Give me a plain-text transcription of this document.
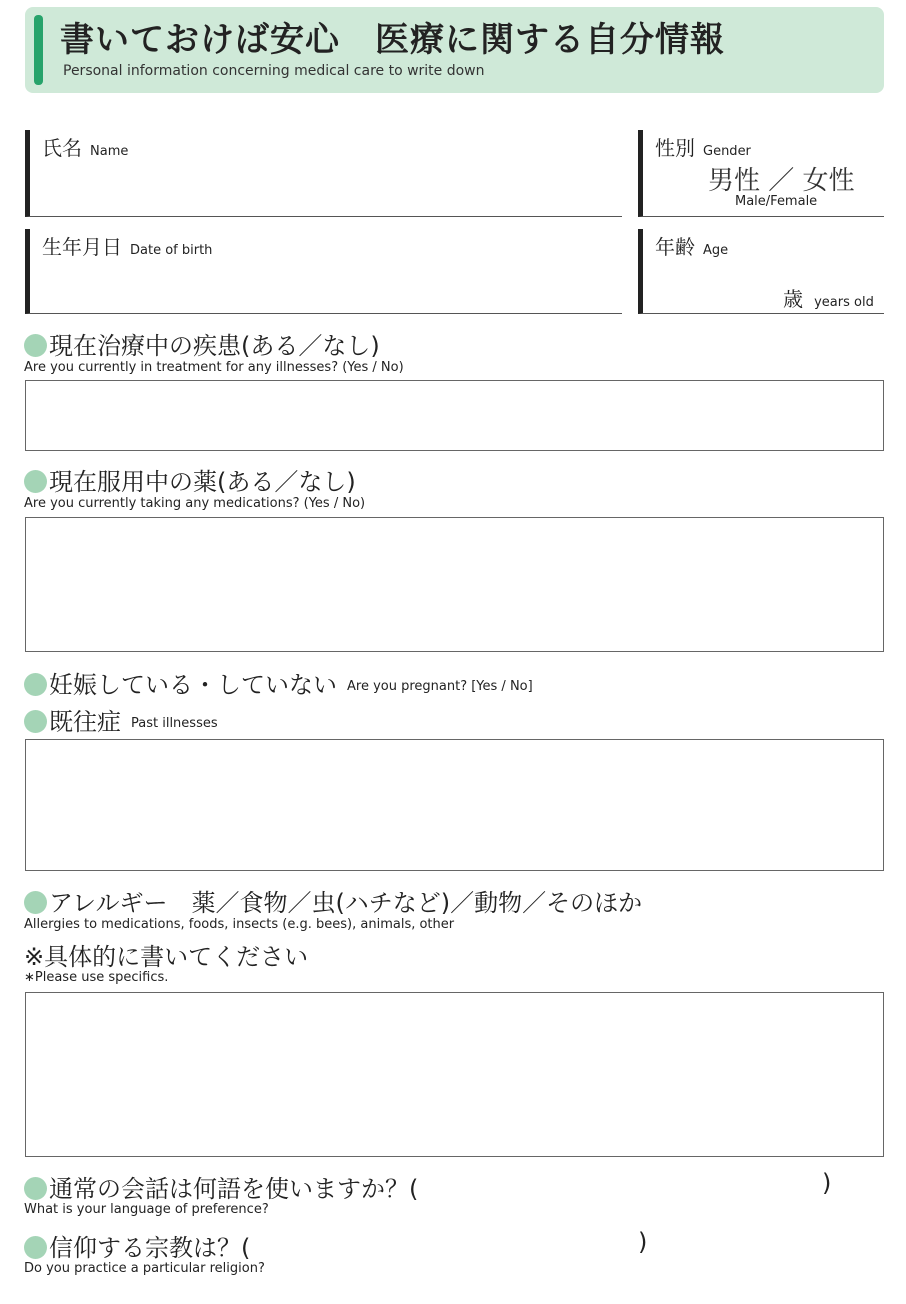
書いておけば安心　医療に関する自分情報
Personal information concerning medical care to write down
氏名 Name	性別 Gender
男性 ／ 女性
Male/Female
生年月日 Date of birth	年齢 Age
歳 years old
現在治療中の疾患(ある／なし)
Are you currently in treatment for any illnesses? (Yes / No)
現在服用中の薬(ある／なし)
Are you currently taking any medications? (Yes / No)
妊娠している・していない Are you pregnant? [Yes / No]
既往症 Past illnesses
アレルギー　薬／食物／虫(ハチなど)／動物／そのほか
Allergies to medications, foods, insects (e.g. bees), animals, other
※具体的に書いてください
∗Please use specifics.
通常の会話は何語を使いますか？(	)
What is your language of preference?
信仰する宗教は？(	)
Do you practice a particular religion?
